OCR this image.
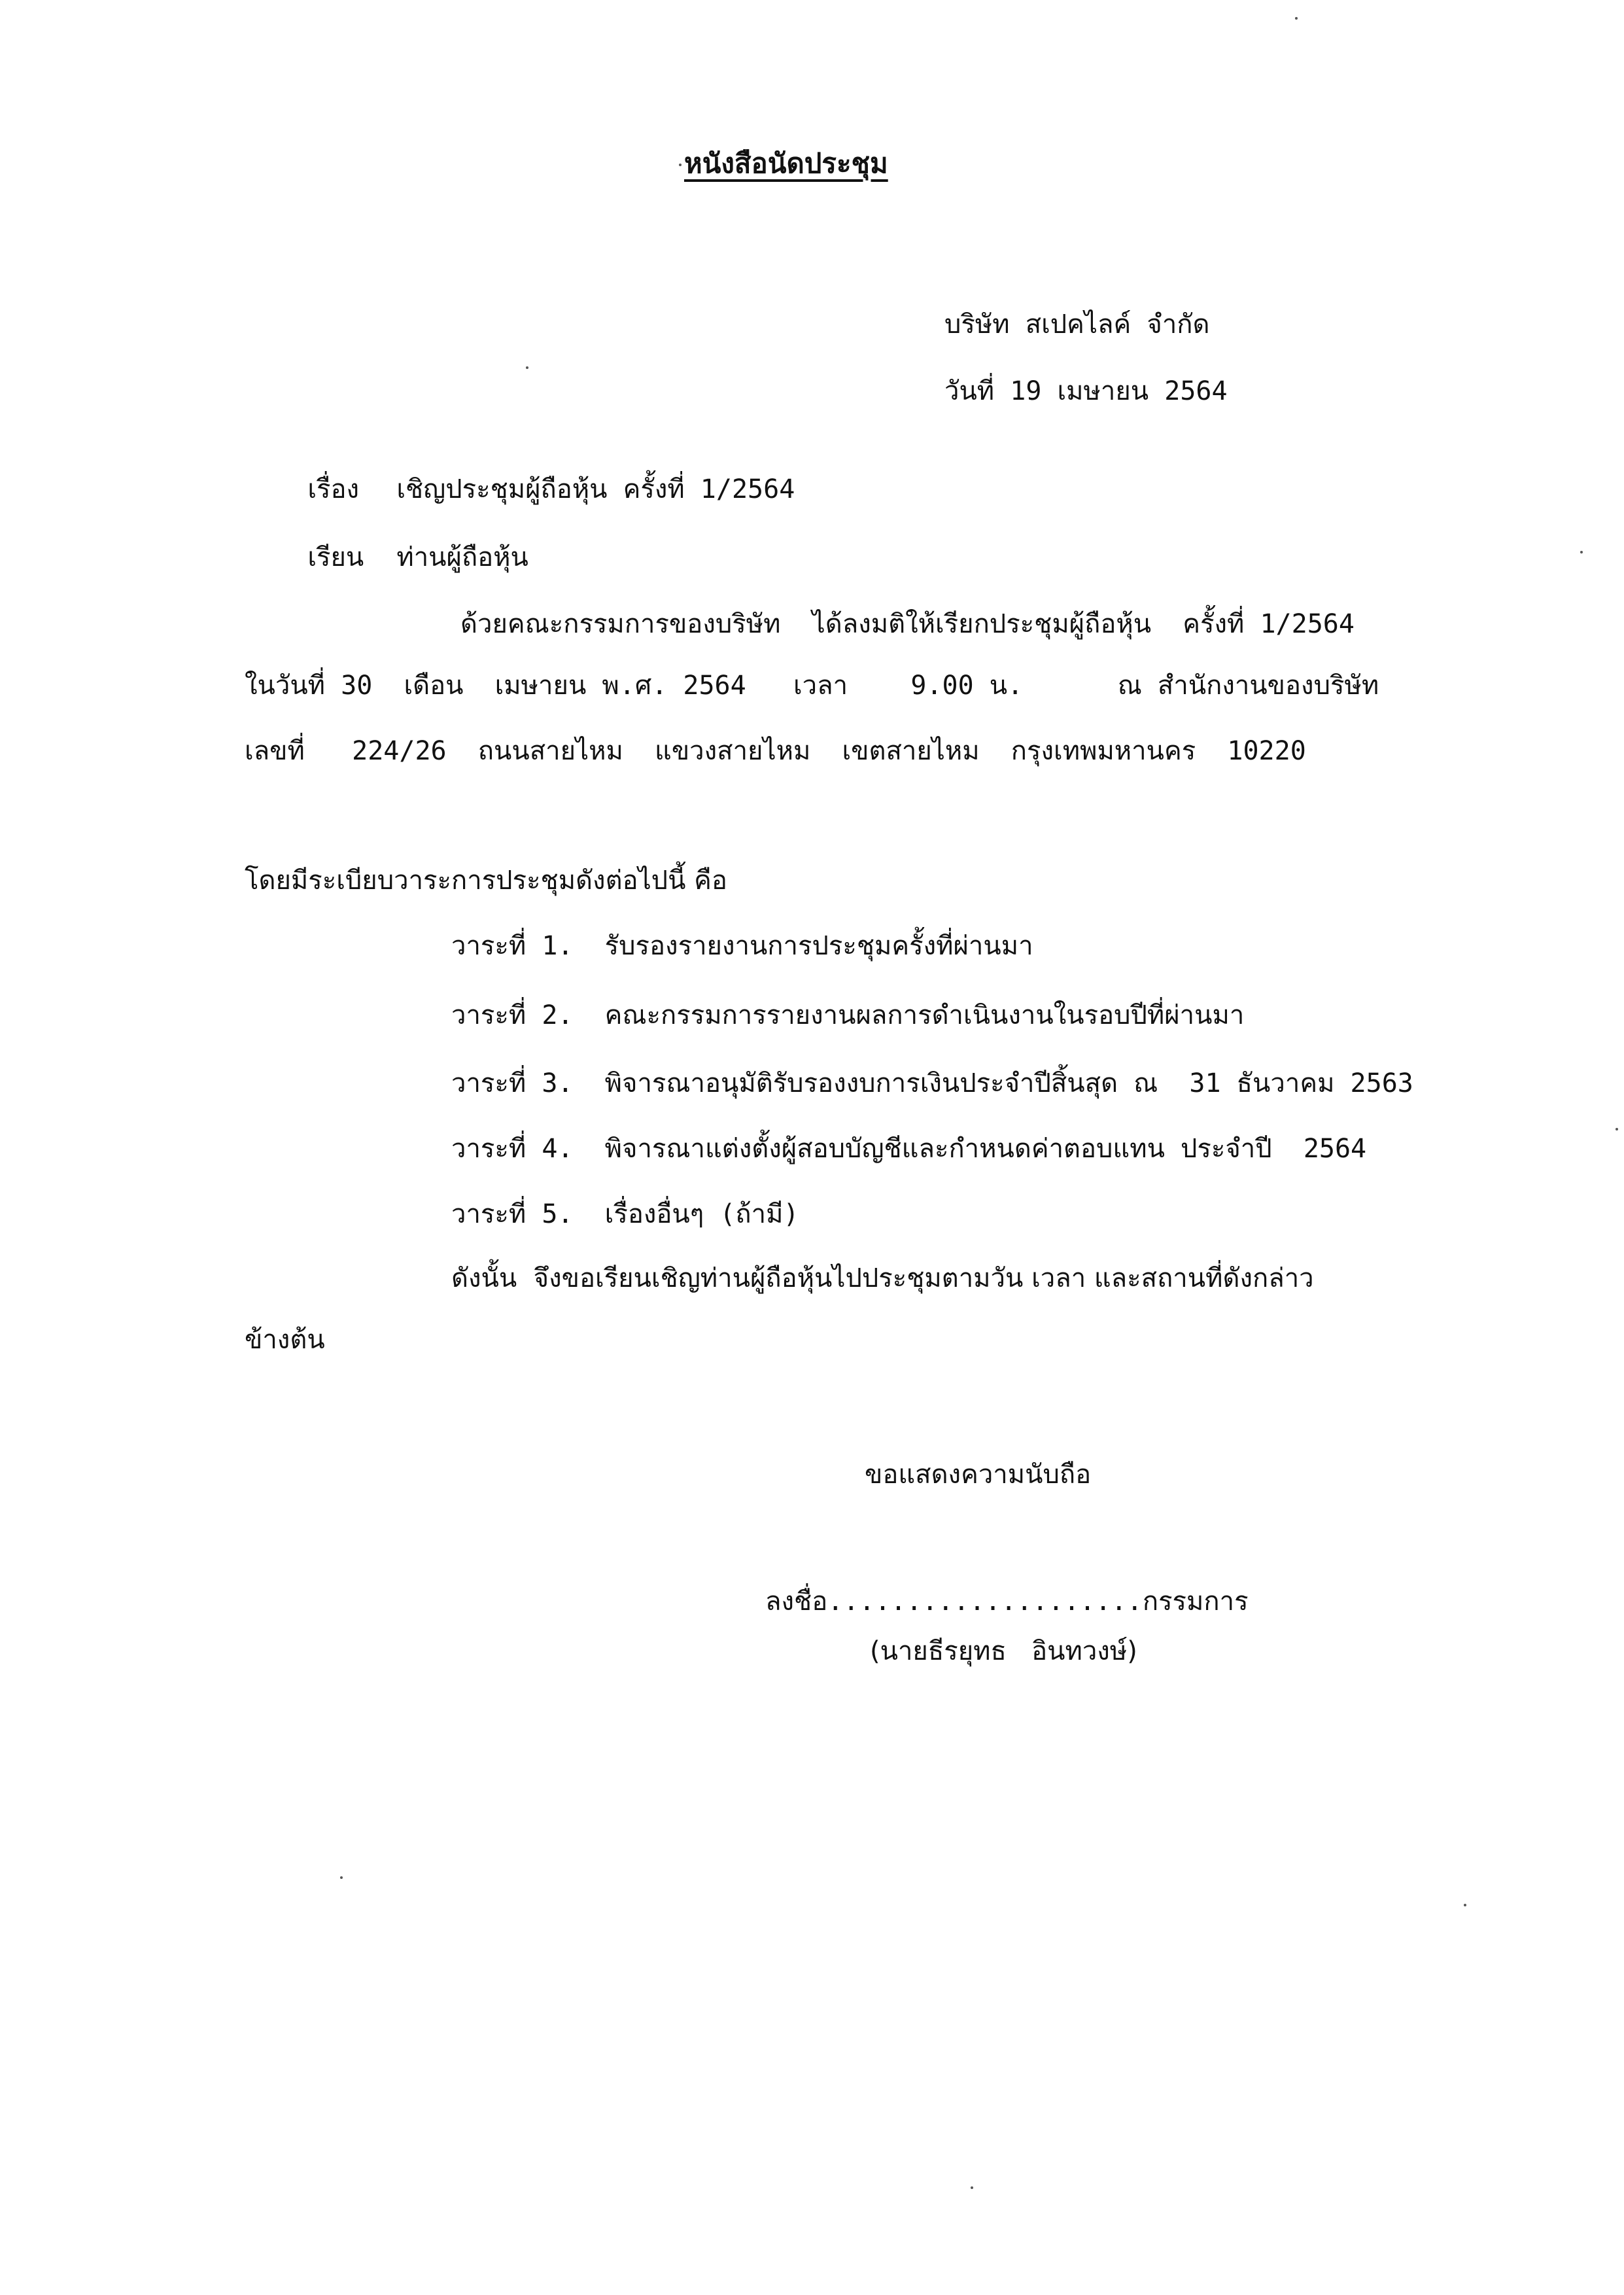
หนังสือนัดประชุม
บริษัท สเปคไลค์ จำกัด
วันที่ 19 เมษายน 2564

เรื่อง เชิญประชุมผู้ถือหุ้น ครั้งที่ 1/2564

เรียน ท่านผู้ถือหุ้น

ด้วยคณะกรรมการของบริษัท  ได้ลงมติให้เรียกประชุมผู้ถือหุ้น  ครั้งที่ 1/2564
ในวันที่ 30  เดือน  เมษายน พ.ศ. 2564   เวลา    9.00 น.      ณ สำนักงานของบริษัท
เลขที่   224/26  ถนนสายไหม  แขวงสายไหม  เขตสายไหม  กรุงเทพมหานคร  10220
โดยมีระเบียบวาระการประชุมดังต่อไปนี้ คือ
วาระที่ 1.  รับรองรายงานการประชุมครั้งที่ผ่านมา
วาระที่ 2.  คณะกรรมการรายงานผลการดำเนินงานในรอบปีที่ผ่านมา
วาระที่ 3.  พิจารณาอนุมัติรับรองงบการเงินประจำปีสิ้นสุด ณ  31 ธันวาคม 2563
วาระที่ 4.  พิจารณาแต่งตั้งผู้สอบบัญชีและกำหนดค่าตอบแทน ประจำปี  2564
วาระที่ 5.  เรื่องอื่นๆ (ถ้ามี)
ดังนั้น  จึงขอเรียนเชิญท่านผู้ถือหุ้นไปประชุมตามวัน เวลา และสถานที่ดังกล่าว
ข้างต้น
ขอแสดงความนับถือ
ลงชื่อ....................กรรมการ
(นายธีรยุทธ   อินทวงษ์)
